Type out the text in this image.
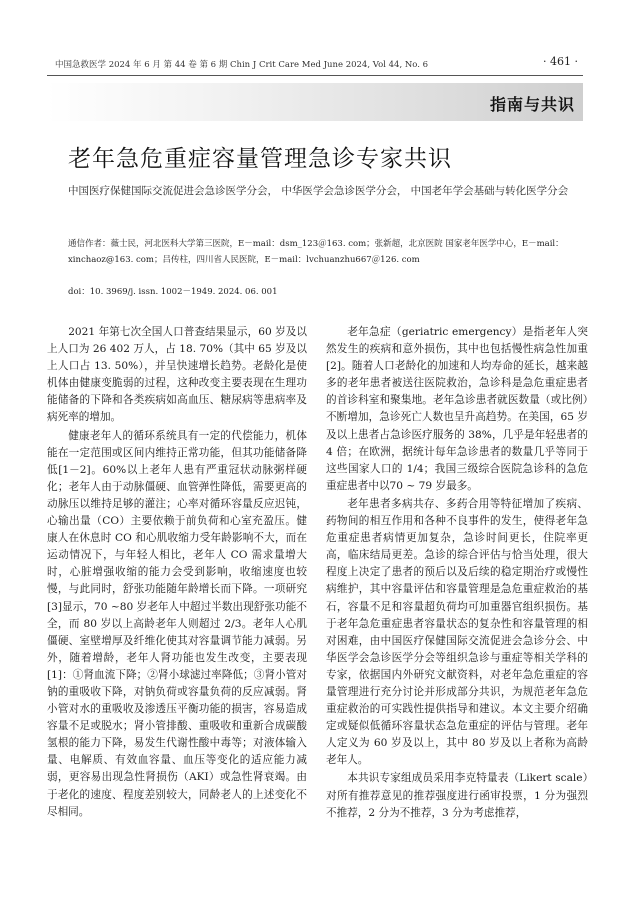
中国急救医学 2024 年 6 月 第 44 卷 第 6 期 Chin J Crit Care Med June 2024, Vol 44, No. 6	· 461 ·
指南与共识
老年急危重症容量管理急诊专家共识
中国医疗保健国际交流促进会急诊医学分会， 中华医学会急诊医学分会， 中国老年学会基础与转化医学分会
通信作者：薇士民，河北医科大学第三医院，E－mail：dsm_123＠163. com；张新超，北京医院 国家老年医学中心，E－mail：xinchaoz@163. com；吕传柱，四川省人民医院，E－mail：lvchuanzhu667＠126. com
doi：10. 3969/j. issn. 1002－1949. 2024. 06. 001

2021 年第七次全国人口普查结果显示，60 岁及以上人口为 26 402 万人，占 18. 70%（其中 65 岁及以上人口占 13. 50%），并呈快速增长趋势。老龄化是使机体由健康变脆弱的过程，这种改变主要表现在生理功能储备的下降和各类疾病如高血压、糖尿病等患病率及病死率的增加。

健康老年人的循环系统具有一定的代偿能力，机体能在一定范围或区间内维持正常功能，但其功能储备降低[1－2]。60%以上老年人患有严重冠状动脉粥样硬化；老年人由于动脉僵硬、血管弹性降低，需要更高的动脉压以维持足够的灌注；心率对循环容量反应迟钝，心输出量（CO）主要依赖于前负荷和心室充盈压。健康人在休息时 CO 和心肌收缩力受年龄影响不大，而在运动情况下，与年轻人相比，老年人 CO 需求量增大时，心脏增强收缩的能力会受到影响，收缩速度也较慢，与此同时，舒张功能随年龄增长而下降。一项研究[3]显示，70 ~80 岁老年人中超过半数出现舒张功能不全，而 80 岁以上高龄老年人则超过 2/3。老年人心肌僵硬、室壁增厚及纤维化使其对容量调节能力减弱。另外，随着增龄，老年人肾功能也发生改变，主要表现[1]：①肾血流下降；②肾小球滤过率降低；③肾小管对钠的重吸收下降，对钠负荷或容量负荷的反应减弱。肾小管对水的重吸收及渗透压平衡功能的损害，容易造成容量不足或脱水；肾小管排酸、重吸收和重新合成碳酸氢根的能力下降，易发生代谢性酸中毒等；对液体输入量、电解质、有效血容量、血压等变化的适应能力减弱，更容易出现急性肾损伤（AKI）或急性肾衰竭。由于老化的速度、程度差别较大，同龄老人的上述变化不尽相同。

老年急症（geriatric emergency）是指老年人突然发生的疾病和意外损伤，其中也包括慢性病急性加重[2]。随着人口老龄化的加速和人均寿命的延长，越来越多的老年患者被送往医院救治，急诊科是急危重症患者的首诊科室和聚集地。老年急诊患者就医数量（或比例）不断增加，急诊死亡人数也呈升高趋势。在美国，65 岁及以上患者占急诊医疗服务的 38%，几乎是年轻患者的 4 倍；在欧洲，据统计每年急诊患者的数量几乎等同于这些国家人口的 1/4；我国三级综合医院急诊科的急危重症患者中以70 ~ 79 岁最多。

老年患者多病共存、多药合用等特征增加了疾病、药物间的相互作用和各种不良事件的发生，使得老年急危重症患者病情更加复杂，急诊时间更长，住院率更高，临床结局更差。急诊的综合评估与恰当处理，很大程度上决定了患者的预后以及后续的稳定期治疗或慢性病维护，其中容量评估和容量管理是急危重症救治的基石，容量不足和容量超负荷均可加重器官组织损伤。基于老年急危重症患者容量状态的复杂性和容量管理的相对困难，由中国医疗保健国际交流促进会急诊分会、中华医学会急诊医学分会等组织急诊与重症等相关学科的专家，依据国内外研究文献资料，对老年急危重症的容量管理进行充分讨论并形成部分共识，为规范老年急危重症救治的可实践性提供指导和建议。本文主要介绍确定或疑似低循环容量状态急危重症的评估与管理。老年人定义为 60 岁及以上，其中 80 岁及以上者称为高龄老年人。

本共识专家组成员采用李克特量表（Likert scale）对所有推荐意见的推荐强度进行函审投票，1 分为强烈不推荐，2 分为不推荐，3 分为考虑推荐，
